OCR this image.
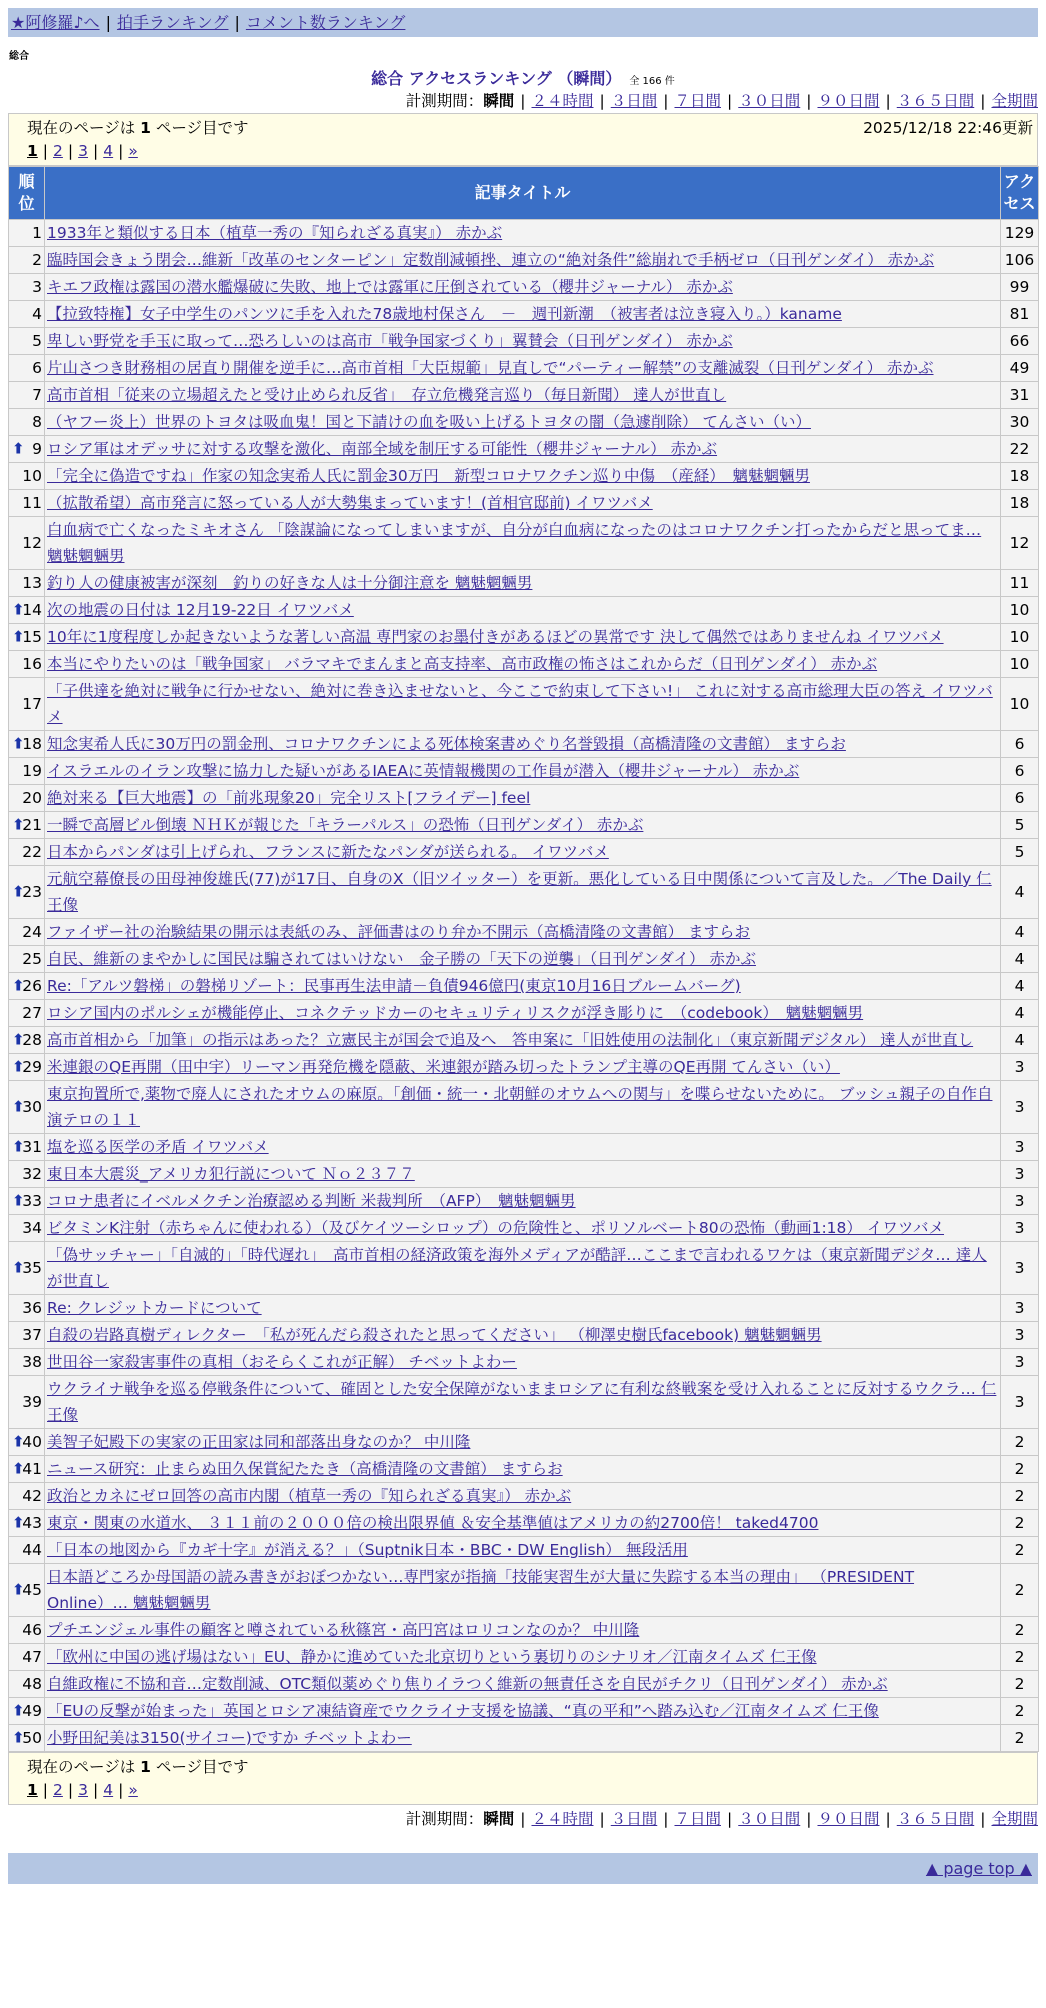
★阿修羅♪へ | 拍手ランキング | コメント数ランキング
総合
総合 アクセスランキング （瞬間） 全 166 件
計測期間：瞬間 | ２４時間 | ３日間 | ７日間 | ３０日間 | ９０日間 | ３６５日間 | 全期間
現在のページは 1 ページ目です	2025/12/18 22:46更新
1 | 2 | 3 | 4 | »
順
位	記事タイトル	アク
セス
1	1933年と類似する日本（植草一秀の『知られざる真実』） 赤かぶ	129
2	臨時国会きょう閉会…維新「改革のセンターピン」定数削減頓挫、連立の“絶対条件”総崩れで手柄ゼロ（日刊ゲンダイ） 赤かぶ	106
3	キエフ政権は露国の潜水艦爆破に失敗、地上では露軍に圧倒されている（櫻井ジャーナル） 赤かぶ	99
4	【拉致特権】女子中学生のパンツに手を入れた78歳地村保さん　－　週刊新潮　（被害者は泣き寝入り。）kaname	81
5	卑しい野党を手玉に取って…恐ろしいのは高市「戦争国家づくり」翼賛会（日刊ゲンダイ） 赤かぶ	66
6	片山さつき財務相の居直り開催を逆手に…高市首相「大臣規範」見直しで“パーティー解禁”の支離滅裂（日刊ゲンダイ） 赤かぶ	49
7	高市首相「従来の立場超えたと受け止められ反省」　存立危機発言巡り（毎日新聞） 達人が世直し	31
8	（ヤフー炎上）世界のトヨタは吸血鬼！国と下請けの血を吸い上げるトヨタの闇（急遽削除） てんさい（い）	30

⬆ 9	ロシア軍はオデッサに対する攻撃を激化、南部全域を制圧する可能性（櫻井ジャーナル） 赤かぶ	22
10	「完全に偽造ですね」作家の知念実希人氏に罰金30万円　新型コロナワクチン巡り中傷　（産経）　魑魅魍魎男	18
11	（拡散希望）高市発言に怒っている人が大勢集まっています！(首相官邸前) イワツバメ	18
12	白血病で亡くなったミキオさん 「陰謀論になってしまいますが、自分が白血病になったのはコロナワクチン打ったからだと思ってま… 魑魅魍魎男	12
13	釣り人の健康被害が深刻　釣りの好きな人は十分御注意を 魑魅魍魎男	11

⬆
14	次の地震の日付は 12月19-22日 イワツバメ	10

⬆
15	10年に1度程度しか起きないような著しい高温 専門家のお墨付きがあるほどの異常です 決して偶然ではありませんね イワツバメ	10
16	本当にやりたいのは「戦争国家」 バラマキでまんまと高支持率、高市政権の怖さはこれからだ（日刊ゲンダイ） 赤かぶ	10
17	「子供達を絶対に戦争に行かせない、絶対に巻き込ませないと、今ここで約束して下さい!」 これに対する高市総理大臣の答え イワツバメ	10

⬆
18	知念実希人氏に30万円の罰金刑、コロナワクチンによる死体検案書めぐり名誉毀損（高橋清隆の文書館） ますらお	6
19	イスラエルのイラン攻撃に協力した疑いがあるIAEAに英情報機関の工作員が潜入（櫻井ジャーナル） 赤かぶ	6
20	絶対来る【巨大地震】の「前兆現象20」完全リスト[フライデー] feel	6

⬆
21	一瞬で高層ビル倒壊 ＮＨＫが報じた「キラーパルス」の恐怖（日刊ゲンダイ） 赤かぶ	5
22	日本からパンダは引上げられ、フランスに新たなパンダが送られる。 イワツバメ	5

⬆
23	元航空幕僚長の田母神俊雄氏(77)が17日、自身のX（旧ツイッター）を更新。悪化している日中関係について言及した。／The Daily 仁王像	4
24	ファイザー社の治験結果の開示は表紙のみ、評価書はのり弁か不開示（高橋清隆の文書館） ますらお	4
25	自民、維新のまやかしに国民は騙されてはいけない　金子勝の「天下の逆襲」（日刊ゲンダイ） 赤かぶ	4

⬆
26	Re:「アルツ磐梯」の磐梯リゾート：民事再生法申請－負債946億円(東京10月16日ブルームバーグ)	4
27	ロシア国内のポルシェが機能停止、コネクテッドカーのセキュリティリスクが浮き彫りに　（codebook）　魑魅魍魎男	4

⬆
28	高市首相から「加筆」の指示はあった？立憲民主が国会で追及へ　答申案に「旧姓使用の法制化」（東京新聞デジタル） 達人が世直し	4

⬆
29	米連銀のQE再開（田中宇）リーマン再発危機を隠蔽、米連銀が踏み切ったトランプ主導のQE再開 てんさい（い）	3

⬆
30	東京拘置所で,薬物で廃人にされたオウムの麻原。「創価・統一・北朝鮮のオウムへの関与」を喋らせないために。 ブッシュ親子の自作自演テロの１１	3

⬆
31	塩を巡る医学の矛盾 イワツバメ	3
32	東日本大震災_アメリカ犯行説について Ｎｏ２３７７	3

⬆
33	コロナ患者にイベルメクチン治療認める判断 米裁判所　（AFP）　魑魅魍魎男	3
34	ビタミンK注射（赤ちゃんに使われる）（及びケイツーシロップ）の危険性と、ポリソルベート80の恐怖（動画1:18） イワツバメ	3

⬆
35	「偽サッチャー」「自滅的」「時代遅れ」　高市首相の経済政策を海外メディアが酷評…ここまで言われるワケは（東京新聞デジタ… 達人が世直し	3
36	Re: クレジットカードについて	3
37	自殺の岩路真樹ディレクター　「私が死んだら殺されたと思ってください」 （柳澤史樹氏facebook) 魑魅魍魎男	3
38	世田谷一家殺害事件の真相（おそらくこれが正解） チベットよわー	3
39	ウクライナ戦争を巡る停戦条件について、確固とした安全保障がないままロシアに有利な終戦案を受け入れることに反対するウクラ… 仁王像	3

⬆
40	美智子妃殿下の実家の正田家は同和部落出身なのか？ 中川隆	2

⬆
41	ニュース研究：止まらぬ田久保賞紀たたき（高橋清隆の文書館） ますらお	2
42	政治とカネにゼロ回答の高市内閣（植草一秀の『知られざる真実』） 赤かぶ	2

⬆
43	東京・関東の水道水、 ３１１前の２０００倍の検出限界値 ＆安全基準値はアメリカの約2700倍！ taked4700	2
44	「日本の地図から『カギ十字』が消える？」（Suptnik日本・BBC・DW English） 無段活用	2

⬆
45	日本語どころか母国語の読み書きがおぼつかない…専門家が指摘「技能実習生が大量に失踪する本当の理由」 （PRESIDENT Online）… 魑魅魍魎男	2
46	プチエンジェル事件の顧客と噂されている秋篠宮・高円宮はロリコンなのか？ 中川隆	2
47	「欧州に中国の逃げ場はない」EU、静かに進めていた北京切りという裏切りのシナリオ／江南タイムズ 仁王像	2
48	自維政権に不協和音…定数削減、OTC類似薬めぐり焦りイラつく維新の無責任さを自民がチクリ（日刊ゲンダイ） 赤かぶ	2

⬆
49	「EUの反撃が始まった」英国とロシア凍結資産でウクライナ支援を協議、“真の平和”へ踏み込む／江南タイムズ 仁王像	2

⬆
50	小野田紀美は3150(サイコー)ですか チベットよわー	2
現在のページは 1 ページ目です
1 | 2 | 3 | 4 | »
計測期間：瞬間 | ２４時間 | ３日間 | ７日間 | ３０日間 | ９０日間 | ３６５日間 | 全期間
▲ page top ▲
